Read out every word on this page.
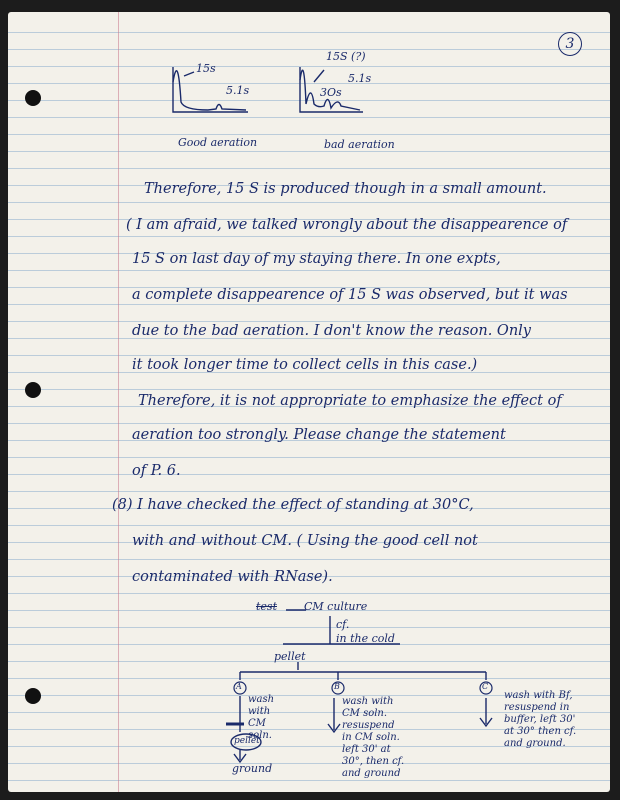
3
15s
5.1s
Good aeration
15S (?)
3Os
5.1s
bad aeration
Therefore, 15 S is produced though in a small amount.
( I am afraid, we talked wrongly about the disappearence of
15 S on last day of my staying there. In one expts,
a complete disappearence of 15 S was observed, but it was
due to the bad aeration. I don't know the reason. Only
it took longer time to collect cells in this case.)
Therefore, it is not appropriate to emphasize the effect of
aeration too strongly. Please change the statement
of P. 6.
(8) I have checked the effect of standing at 30°C,
with and without CM. ( Using the good cell not
contaminated with RNase).
test CM culture
cf.
in the cold
pellet
A
wash with CM soln.
pellet
ground
B
wash with CM soln. resuspend in CM soln. left 30' at 30°, then cf. and ground
C
wash with Bf, resuspend in buffer, left 30' at 30° then cf. and ground.
